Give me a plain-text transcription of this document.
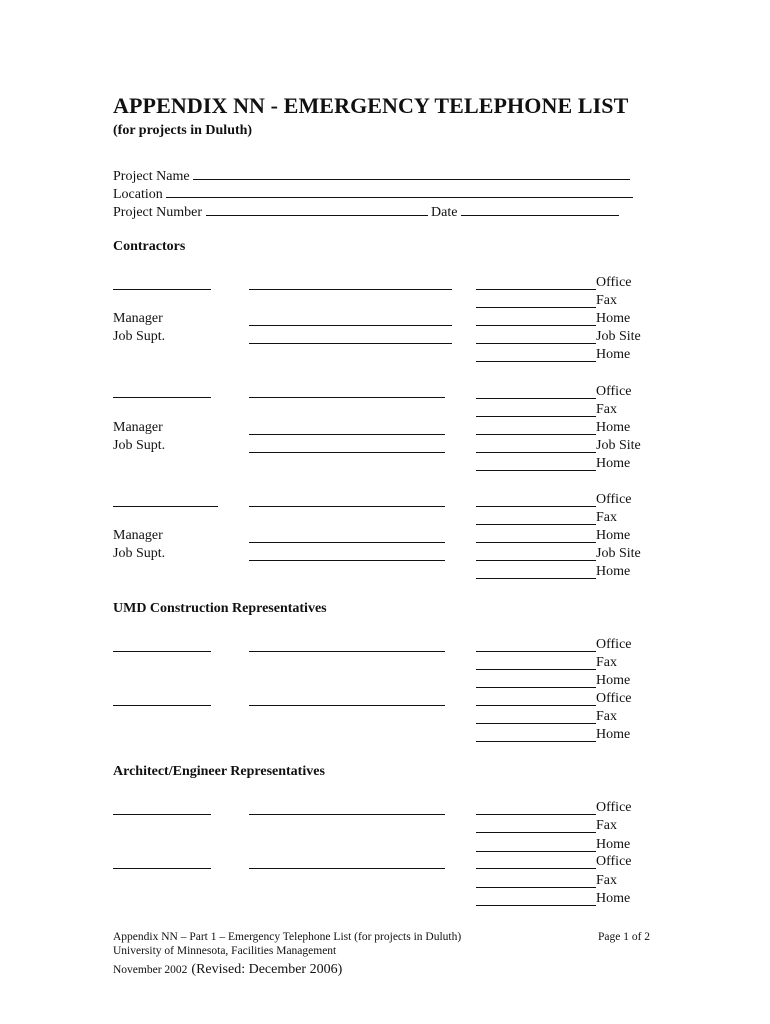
APPENDIX NN - EMERGENCY TELEPHONE LIST
(for projects in Duluth)
Project Name
Location
Project Number	Date
Contractors
Manager
Job Supt.
Office
Fax
Home
Job Site
Home
Manager
Job Supt.
Office
Fax
Home
Job Site
Home
Manager
Job Supt.
Office
Fax
Home
Job Site
Home
UMD Construction Representatives
Office
Fax
Home
Office
Fax
Home
Architect/Engineer Representatives
Office
Fax
Home
Office
Fax
Home
Appendix NN – Part 1 – Emergency Telephone List (for projects in Duluth)
University of Minnesota, Facilities Management
November 2002 (Revised: December 2006)
Page 1 of 2
